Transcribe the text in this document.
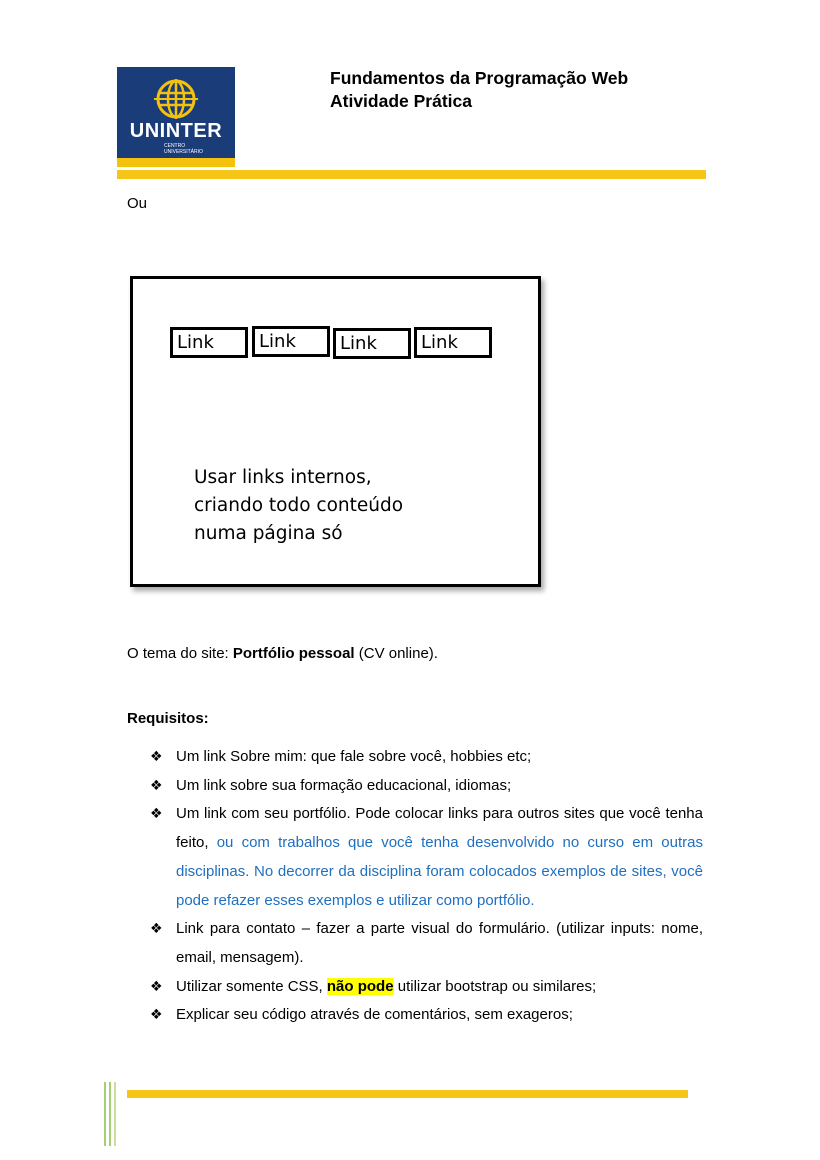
UNINTER
CENTRO
UNIVERSITÁRIO
Fundamentos da Programação Web
Atividade Prática
Ou
Link	Link	Link	Link
Usar links internos,
criando todo conteúdo
numa página só
O tema do site: Portfólio pessoal (CV online).
Requisitos:
❖ Um link Sobre mim: que fale sobre você, hobbies etc;
❖ Um link sobre sua formação educacional, idiomas;
❖ Um link com seu portfólio. Pode colocar links para outros sites que você tenha feito, ou com trabalhos que você tenha desenvolvido no curso em outras disciplinas. No decorrer da disciplina foram colocados exemplos de sites, você pode refazer esses exemplos e utilizar como portfólio.
❖ Link para contato – fazer a parte visual do formulário. (utilizar inputs: nome, email, mensagem).
❖ Utilizar somente CSS, não pode utilizar bootstrap ou similares;
❖ Explicar seu código através de comentários, sem exageros;
